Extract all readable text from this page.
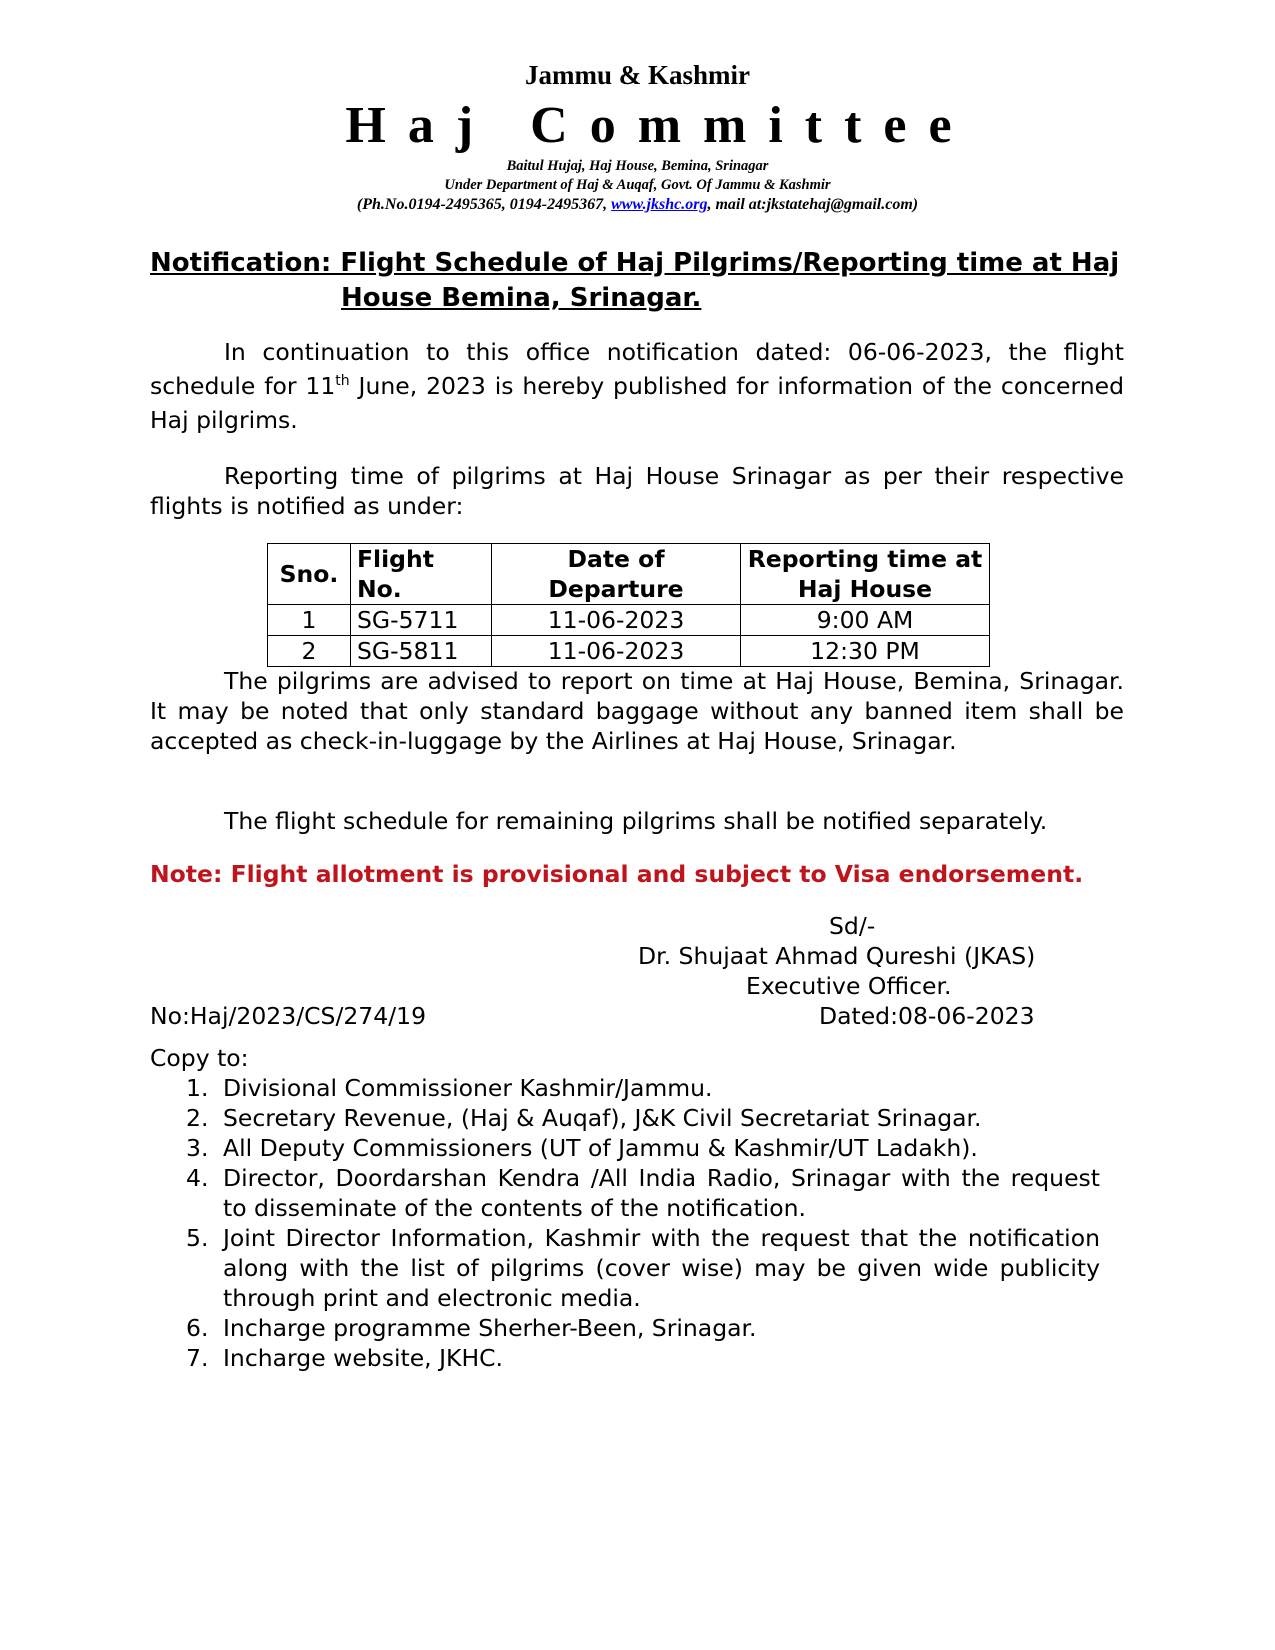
Jammu & Kashmir
Haj Committee
Baitul Hujaj, Haj House, Bemina, Srinagar
Under Department of Haj & Auqaf, Govt. Of Jammu & Kashmir
(Ph.No.0194-2495365, 0194-2495367, www.jkshc.org, mail at:jkstatehaj@gmail.com)
Notification: Flight Schedule of Haj Pilgrims/Reporting time at Haj
House Bemina, Srinagar.
In continuation to this office notification dated: 06-06-2023, the flight schedule for 11th June, 2023 is hereby published for information of the concerned Haj pilgrims.
Reporting time of pilgrims at Haj House Srinagar as per their respective flights is notified as under:
Sno.	Flight No.	Date of Departure	Reporting time at Haj House
1	SG-5711	11-06-2023	9:00 AM
2	SG-5811	11-06-2023	12:30 PM
The pilgrims are advised to report on time at Haj House, Bemina, Srinagar. It may be noted that only standard baggage without any banned item shall be accepted as check-in-luggage by the Airlines at Haj House, Srinagar.
The flight schedule for remaining pilgrims shall be notified separately.
Note: Flight allotment is provisional and subject to Visa endorsement.
Sd/-
Dr. Shujaat Ahmad Qureshi (JKAS)
Executive Officer.
No:Haj/2023/CS/274/19	Dated:08-06-2023
Copy to:
1. Divisional Commissioner Kashmir/Jammu.
2. Secretary Revenue, (Haj & Auqaf), J&K Civil Secretariat Srinagar.
3. All Deputy Commissioners (UT of Jammu & Kashmir/UT Ladakh).
4. Director, Doordarshan Kendra /All India Radio, Srinagar with the request to disseminate of the contents of the notification.
5. Joint Director Information, Kashmir with the request that the notification along with the list of pilgrims (cover wise) may be given wide publicity through print and electronic media.
6. Incharge programme Sherher-Been, Srinagar.
7. Incharge website, JKHC.
